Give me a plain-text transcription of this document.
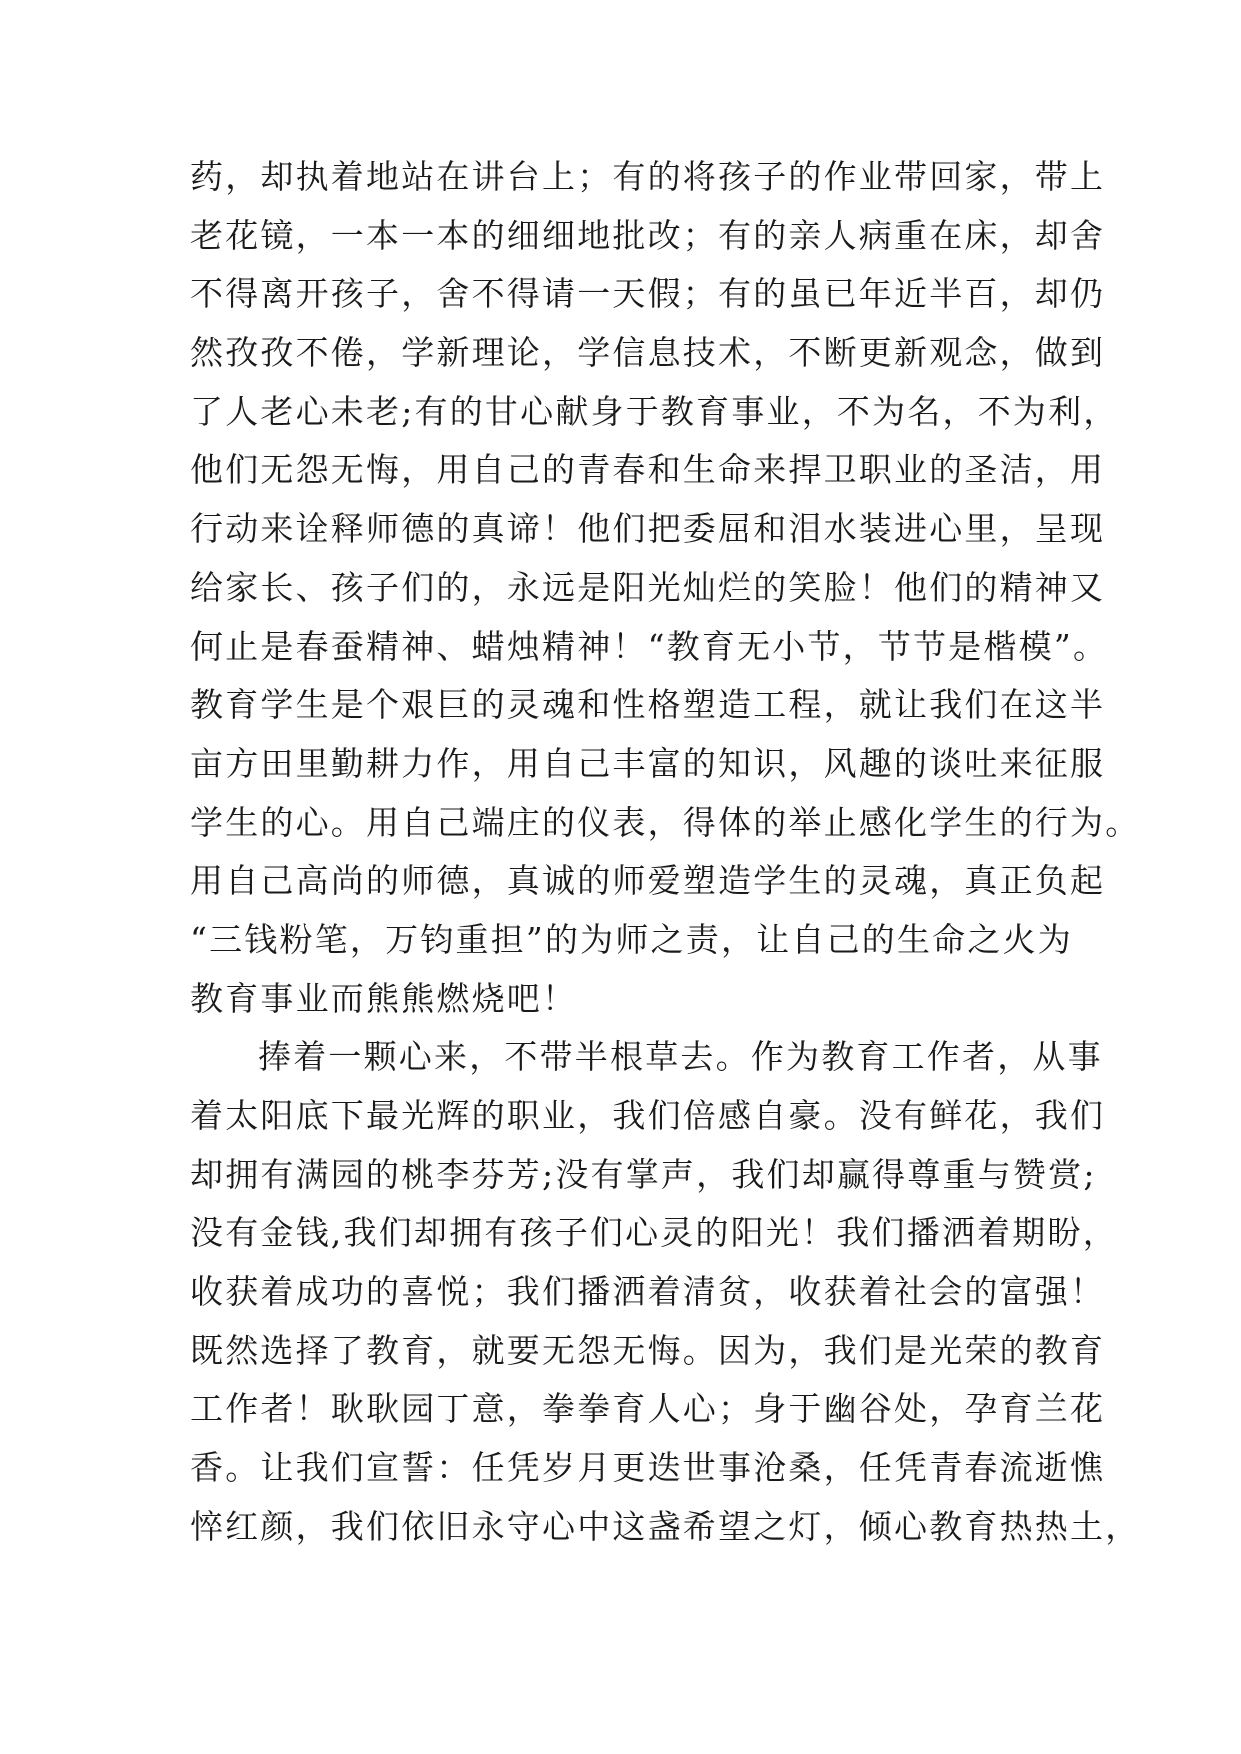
药，却执着地站在讲台上；有的将孩子的作业带回家，带上
老花镜，一本一本的细细地批改；有的亲人病重在床，却舍
不得离开孩子，舍不得请一天假；有的虽已年近半百，却仍
然孜孜不倦，学新理论，学信息技术，不断更新观念，做到
了人老心未老;有的甘心献身于教育事业，不为名，不为利，
他们无怨无悔，用自己的青春和生命来捍卫职业的圣洁，用
行动来诠释师德的真谛！他们把委屈和泪水装进心里，呈现
给家长、孩子们的，永远是阳光灿烂的笑脸！他们的精神又
何止是春蚕精神、蜡烛精神！“教育无小节，节节是楷模”。
教育学生是个艰巨的灵魂和性格塑造工程，就让我们在这半
亩方田里勤耕力作，用自己丰富的知识，风趣的谈吐来征服
学生的心。用自己端庄的仪表，得体的举止感化学生的行为。
用自己高尚的师德，真诚的师爱塑造学生的灵魂，真正负起
“三钱粉笔，万钧重担”的为师之责，让自己的生命之火为
教育事业而熊熊燃烧吧！
捧着一颗心来，不带半根草去。作为教育工作者，从事
着太阳底下最光辉的职业，我们倍感自豪。没有鲜花，我们
却拥有满园的桃李芬芳;没有掌声，我们却赢得尊重与赞赏;
没有金钱,我们却拥有孩子们心灵的阳光！我们播洒着期盼，
收获着成功的喜悦；我们播洒着清贫，收获着社会的富强！
既然选择了教育，就要无怨无悔。因为，我们是光荣的教育
工作者！耿耿园丁意，拳拳育人心；身于幽谷处，孕育兰花
香。让我们宣誓：任凭岁月更迭世事沧桑，任凭青春流逝憔
悴红颜，我们依旧永守心中这盏希望之灯，倾心教育热热土，
